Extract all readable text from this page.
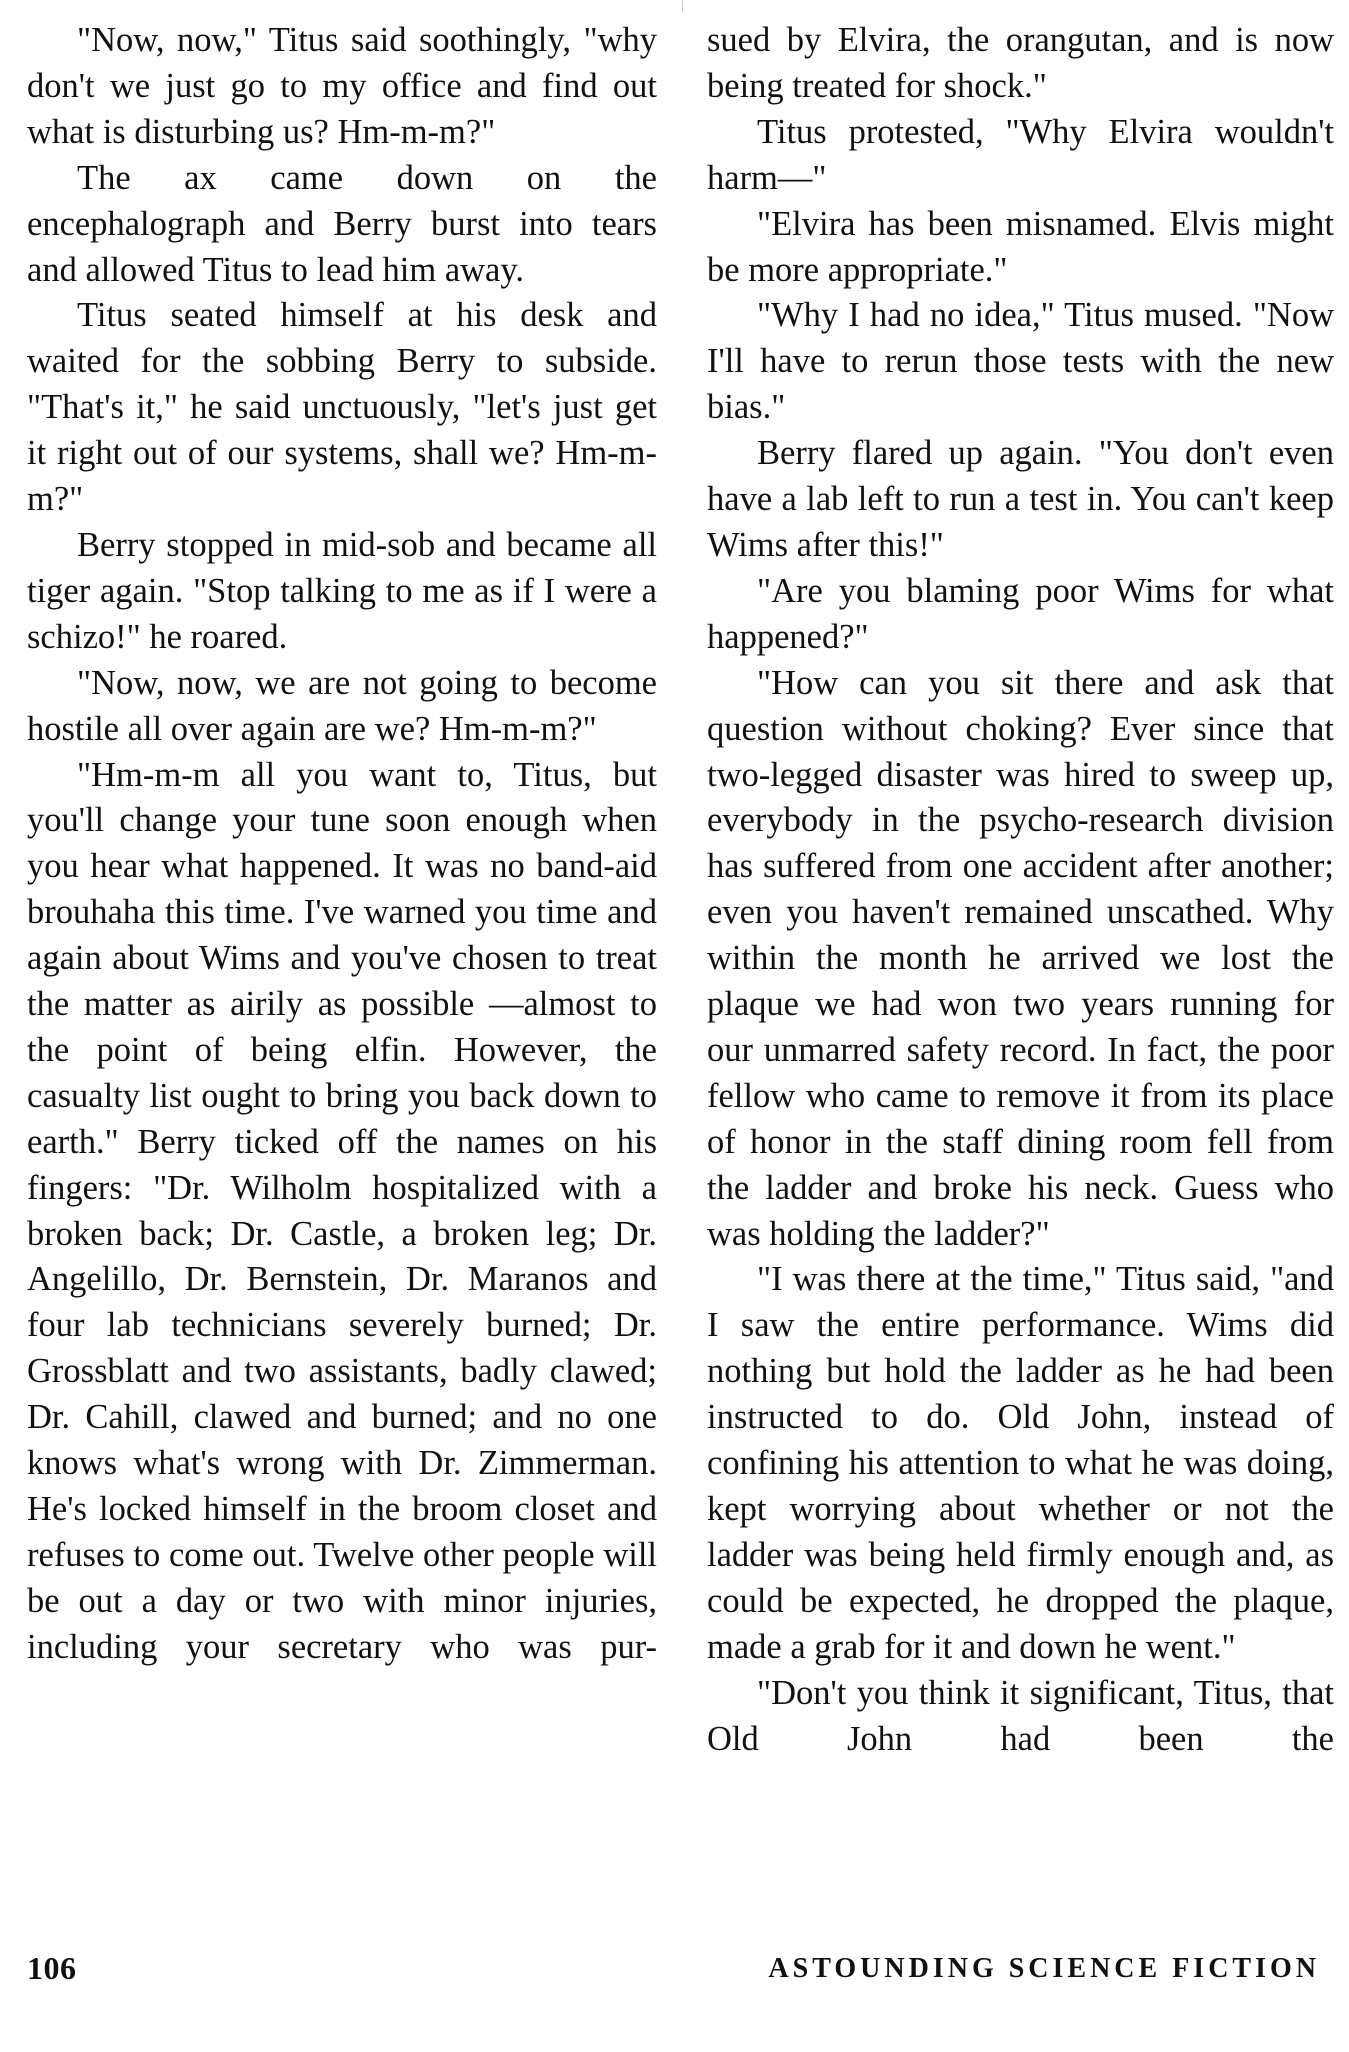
"Now, now," Titus said soothingly, "why don't we just go to my office and find out what is disturbing us? Hm-m-m?"

The ax came down on the encephalograph and Berry burst into tears and allowed Titus to lead him away.

Titus seated himself at his desk and waited for the sobbing Berry to subside. "That's it," he said unctuously, "let's just get it right out of our systems, shall we? Hm-m-m?"

Berry stopped in mid-sob and became all tiger again. "Stop talking to me as if I were a schizo!" he roared.

"Now, now, we are not going to become hostile all over again are we? Hm-m-m?"

"Hm-m-m all you want to, Titus, but you'll change your tune soon enough when you hear what happened. It was no band-aid brouhaha this time. I've warned you time and again about Wims and you've chosen to treat the matter as airily as possible —almost to the point of being elfin. However, the casualty list ought to bring you back down to earth." Berry ticked off the names on his fingers: "Dr. Wilholm hospitalized with a broken back; Dr. Castle, a broken leg; Dr. Angelillo, Dr. Bernstein, Dr. Maranos and four lab technicians severely burned; Dr. Grossblatt and two assistants, badly clawed; Dr. Cahill, clawed and burned; and no one knows what's wrong with Dr. Zimmerman. He's locked himself in the broom closet and refuses to come out. Twelve other people will be out a day or two with minor injuries, including your secretary who was pur-

sued by Elvira, the orangutan, and is now being treated for shock."

Titus protested, "Why Elvira wouldn't harm—"

"Elvira has been misnamed. Elvis might be more appropriate."

"Why I had no idea," Titus mused. "Now I'll have to rerun those tests with the new bias."

Berry flared up again. "You don't even have a lab left to run a test in. You can't keep Wims after this!"

"Are you blaming poor Wims for what happened?"

"How can you sit there and ask that question without choking? Ever since that two-legged disaster was hired to sweep up, everybody in the psycho-research division has suffered from one accident after another; even you haven't remained unscathed. Why within the month he arrived we lost the plaque we had won two years running for our unmarred safety record. In fact, the poor fellow who came to remove it from its place of honor in the staff dining room fell from the ladder and broke his neck. Guess who was holding the ladder?"

"I was there at the time," Titus said, "and I saw the entire performance. Wims did nothing but hold the ladder as he had been instructed to do. Old John, instead of confining his attention to what he was doing, kept worrying about whether or not the ladder was being held firmly enough and, as could be expected, he dropped the plaque, made a grab for it and down he went."

"Don't you think it significant, Titus, that Old John had been the

106	ASTOUNDING SCIENCE FICTION
